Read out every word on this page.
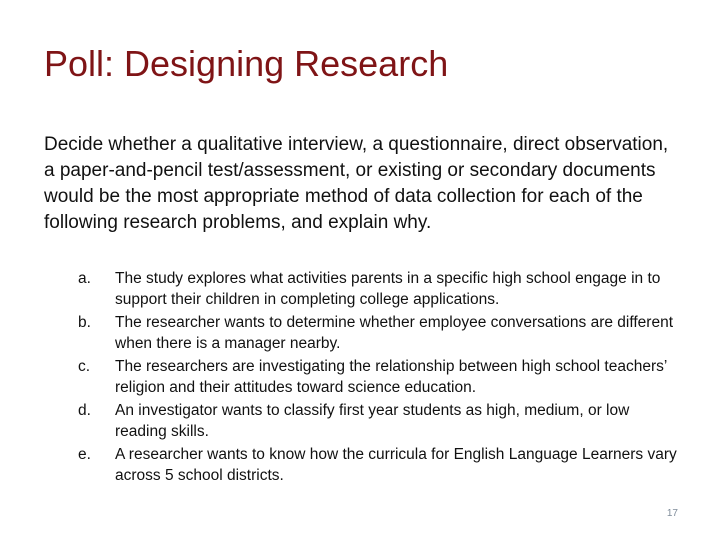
Poll: Designing Research
Decide whether a qualitative interview, a questionnaire, direct observation, a paper-and-pencil test/assessment, or existing or secondary documents would be the most appropriate method of data collection for each of the following research problems, and explain why.
a.	The study explores what activities parents in a specific high school engage in to support their children in completing college applications.
b.	The researcher wants to determine whether employee conversations are different when there is a manager nearby.
c.	The researchers are investigating the relationship between high school teachers’ religion and their attitudes toward science education.
d.	An investigator wants to classify first year students as high, medium, or low reading skills.
e.	A researcher wants to know how the curricula for English Language Learners vary across 5 school districts.
17
